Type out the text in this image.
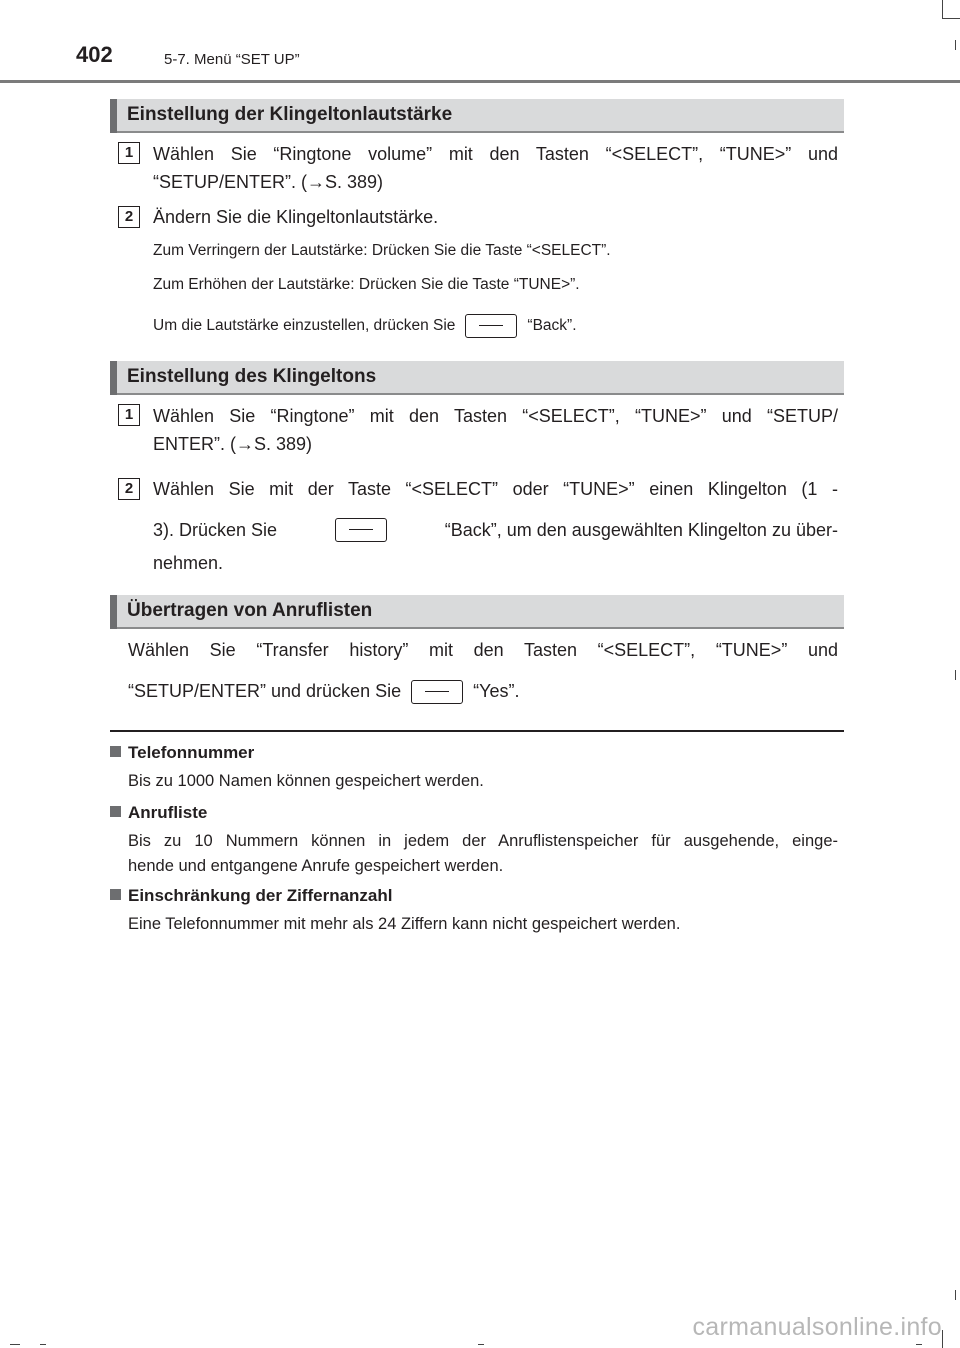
402	5-7. Menü “SET UP”
Einstellung der Klingeltonlautstärke
1	Wählen Sie “Ringtone volume” mit den Tasten “<SELECT”, “TUNE>” und
“SETUP/ENTER”. (→S. 389)
2	Ändern Sie die Klingeltonlautstärke.
Zum Verringern der Lautstärke: Drücken Sie die Taste “<SELECT”.
Zum Erhöhen der Lautstärke: Drücken Sie die Taste “TUNE>”.
Um die Lautstärke einzustellen, drücken Sie	“Back”.
Einstellung des Klingeltons
1	Wählen Sie “Ringtone” mit den Tasten “<SELECT”, “TUNE>” und “SETUP/
ENTER”. (→S. 389)
2	Wählen Sie mit der Taste “<SELECT” oder “TUNE>” einen Klingelton (1 -
3). Drücken Sie	“Back”, um den ausgewählten Klingelton zu über-
nehmen.
Übertragen von Anruflisten
Wählen Sie “Transfer history” mit den Tasten “<SELECT”, “TUNE>” und
“SETUP/ENTER” und drücken Sie	“Yes”.
Telefonnummer
Bis zu 1000 Namen können gespeichert werden.
Anrufliste
Bis zu 10 Nummern können in jedem der Anruflistenspeicher für ausgehende, einge-
hende und entgangene Anrufe gespeichert werden.
Einschränkung der Ziffernanzahl
Eine Telefonnummer mit mehr als 24 Ziffern kann nicht gespeichert werden.
carmanualsonline.info
